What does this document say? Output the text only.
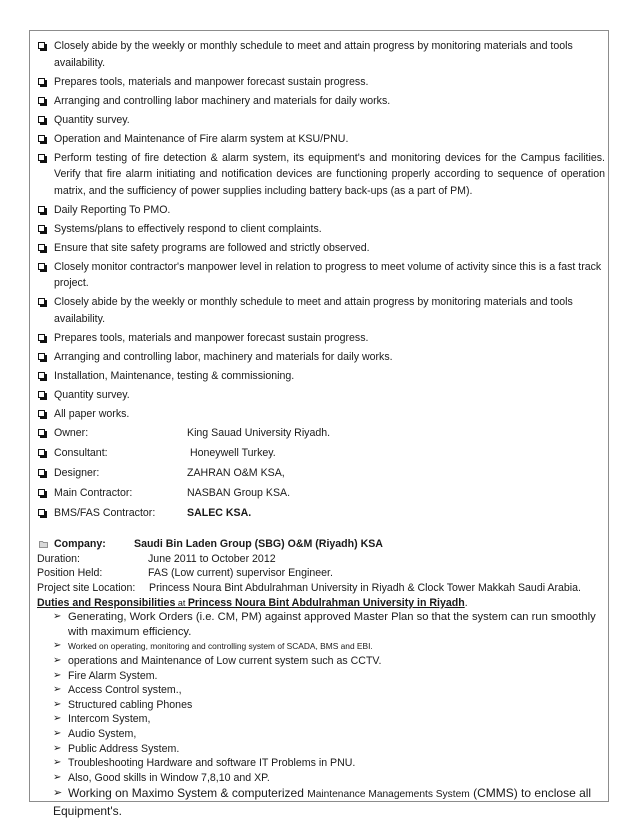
Closely abide by the weekly or monthly schedule to meet and attain progress by monitoring materials and tools availability.
Prepares tools, materials and manpower forecast sustain progress.
Arranging and controlling labor machinery and materials for daily works.
Quantity survey.
Operation and Maintenance of Fire alarm system at KSU/PNU.
Perform testing of fire detection & alarm system, its equipment's and monitoring devices for the Campus facilities. Verify that fire alarm initiating and notification devices are functioning properly according to sequence of operation matrix, and the sufficiency of power supplies including battery back-ups (as a part of PM).
Daily Reporting To PMO.
Systems/plans to effectively respond to client complaints.
Ensure that site safety programs are followed and strictly observed.
Closely monitor contractor's manpower level in relation to progress to meet volume of activity since this is a fast track project.
Closely abide by the weekly or monthly schedule to meet and attain progress by monitoring materials and tools availability.
Prepares tools, materials and manpower forecast sustain progress.
Arranging and controlling labor, machinery and materials for daily works.
Installation, Maintenance, testing & commissioning.
Quantity survey.
All paper works.
Owner:	King Sauad University Riyadh.
Consultant:	Honeywell Turkey.
Designer:	ZAHRAN O&M KSA,
Main Contractor:	NASBAN Group KSA.
BMS/FAS Contractor:	SALEC KSA.
Company:	Saudi Bin Laden Group (SBG) O&M (Riyadh) KSA
Duration:	June 2011 to October 2012
Position Held:	FAS (Low current) supervisor Engineer.
Project site Location: Princess Noura Bint Abdulrahman University in Riyadh & Clock Tower Makkah Saudi Arabia.
Duties and Responsibilities at Princess Noura Bint Abdulrahman University in Riyadh.
➢ Generating, Work Orders (i.e. CM, PM) against approved Master Plan so that the system can run smoothly with maximum efficiency.
➢ Worked on operating, monitoring and controlling system of SCADA, BMS and EBI.
➢ operations and Maintenance of Low current system such as CCTV.
➢ Fire Alarm System.
➢ Access Control system.,
➢ Structured cabling Phones
➢ Intercom System,
➢ Audio System,
➢ Public Address System.
➢ Troubleshooting Hardware and software IT Problems in PNU.
➢ Also, Good skills in Window 7,8,10 and XP.
➢ Working on Maximo System & computerized Maintenance Managements System (CMMS) to enclose all
Equipment's.
